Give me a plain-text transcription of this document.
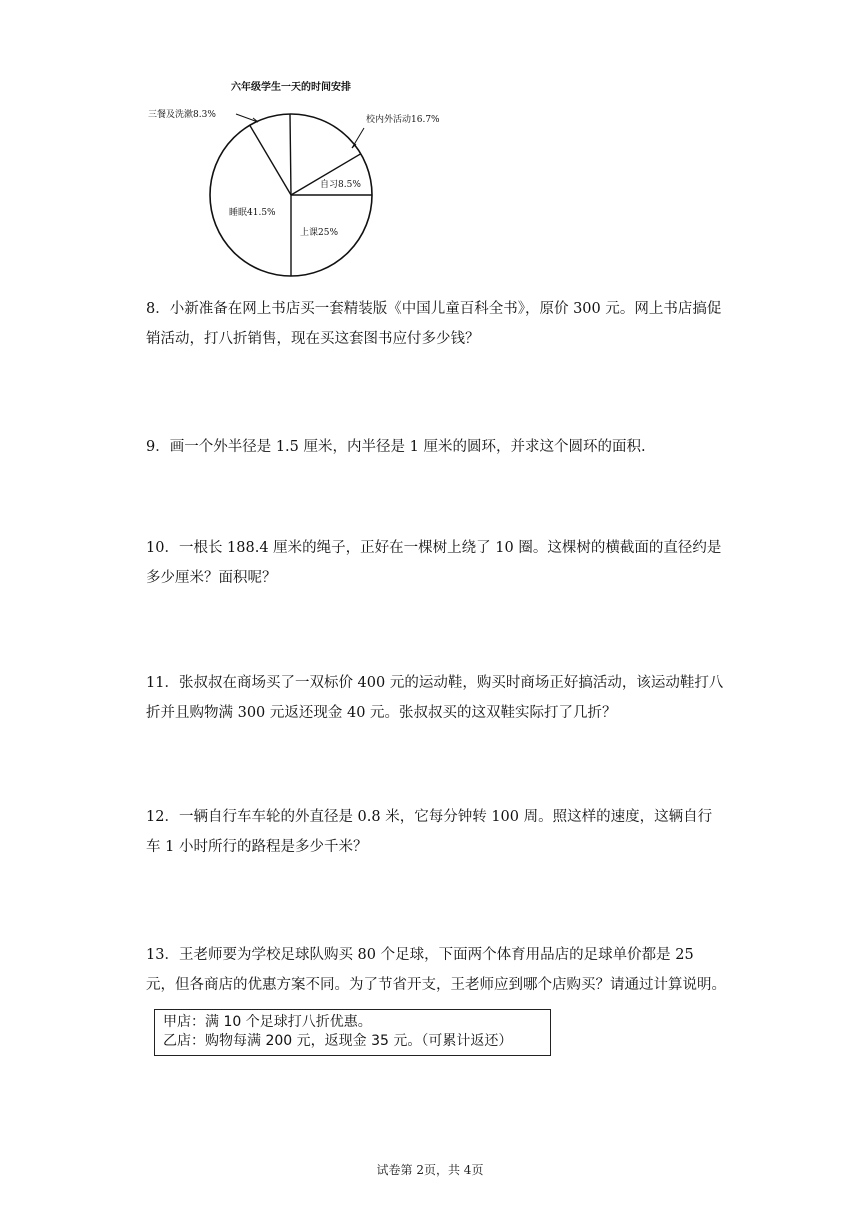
六年级学生一天的时间安排
校内外活动16.7%
自习8.5%
上课25%
睡眠41.5%
三餐及洗漱8.3%

8．小新准备在网上书店买一套精装版《中国儿童百科全书》，原价 300 元。网上书店搞促销活动，打八折销售，现在买这套图书应付多少钱？

9．画一个外半径是 1.5 厘米，内半径是 1 厘米的圆环，并求这个圆环的面积.

10．一根长 188.4 厘米的绳子，正好在一棵树上绕了 10 圈。这棵树的横截面的直径约是多少厘米？面积呢？

11．张叔叔在商场买了一双标价 400 元的运动鞋，购买时商场正好搞活动，该运动鞋打八折并且购物满 300 元返还现金 40 元。张叔叔买的这双鞋实际打了几折？

12．一辆自行车车轮的外直径是 0.8 米，它每分钟转 100 周。照这样的速度，这辆自行车 1 小时所行的路程是多少千米？

13．王老师要为学校足球队购买 80 个足球，下面两个体育用品店的足球单价都是 25 元，但各商店的优惠方案不同。为了节省开支，王老师应到哪个店购买？请通过计算说明。

甲店：满 10 个足球打八折优惠。
乙店：购物每满 200 元，返现金 35 元。（可累计返还）
试卷第 2页，共 4页
